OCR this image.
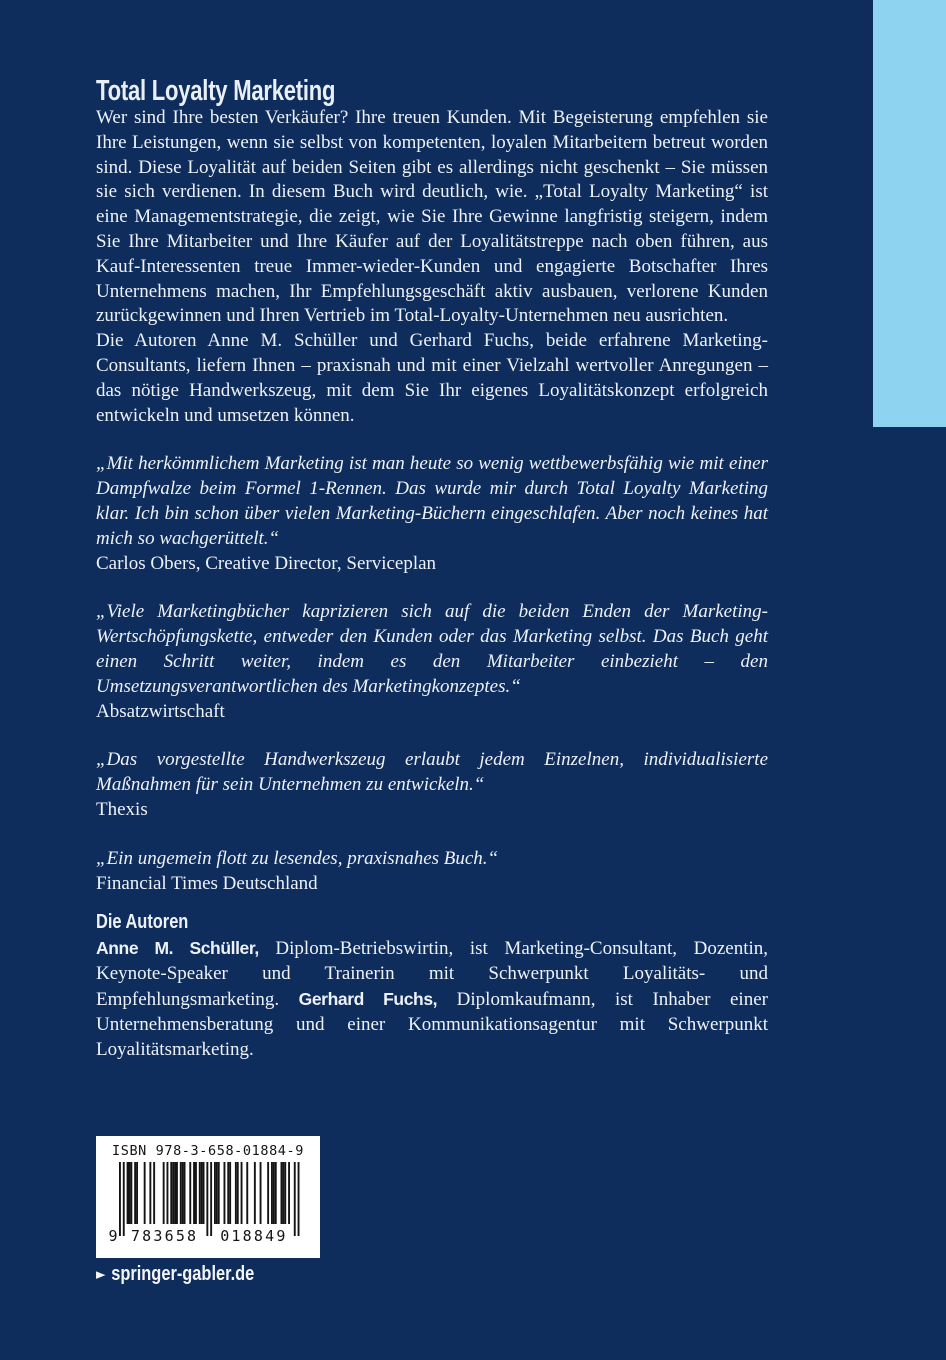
Total Loyalty Marketing

Wer sind Ihre besten Verkäufer? Ihre treuen Kunden. Mit Begeisterung empfehlen sie Ihre Leistungen, wenn sie selbst von kompetenten, loyalen Mitarbeitern betreut worden sind. Diese Loyalität auf beiden Seiten gibt es allerdings nicht geschenkt – Sie müssen sie sich verdienen. In diesem Buch wird deutlich, wie. „Total Loyalty Marketing“ ist eine Managementstrategie, die zeigt, wie Sie Ihre Gewinne langfristig steigern, indem Sie Ihre Mitarbeiter und Ihre Käufer auf der Loyalitätstreppe nach oben führen, aus Kauf-Interessenten treue Immer-wieder-Kunden und engagierte Botschafter Ihres Unternehmens machen, Ihr Empfehlungsgeschäft aktiv ausbauen, verlorene Kunden zurückgewinnen und Ihren Vertrieb im Total-Loyalty-Unternehmen neu ausrichten.

Die Autoren Anne M. Schüller und Gerhard Fuchs, beide erfahrene Marketing-Consultants, liefern Ihnen – praxisnah und mit einer Vielzahl wertvoller Anregungen – das nötige Handwerkszeug, mit dem Sie Ihr eigenes Loyalitätskonzept erfolgreich entwickeln und umsetzen können.

„Mit herkömmlichem Marketing ist man heute so wenig wettbewerbsfähig wie mit einer Dampfwalze beim Formel 1-Rennen. Das wurde mir durch Total Loyalty Marketing klar. Ich bin schon über vielen Marketing-Büchern eingeschlafen. Aber noch keines hat mich so wachgerüttelt.“

Carlos Obers, Creative Director, Serviceplan

„Viele Marketingbücher kaprizieren sich auf die beiden Enden der Marketing-Wertschöpfungskette, entweder den Kunden oder das Marketing selbst. Das Buch geht einen Schritt weiter, indem es den Mitarbeiter einbezieht – den Umsetzungsverantwortlichen des Marketingkonzeptes.“

Absatzwirtschaft

„Das vorgestellte Handwerkszeug erlaubt jedem Einzelnen, individualisierte Maßnahmen für sein Unternehmen zu entwickeln.“

Thexis

„Ein ungemein flott zu lesendes, praxisnahes Buch.“

Financial Times Deutschland

Die Autoren

Anne M. Schüller, Diplom-Betriebswirtin, ist Marketing-Consultant, Dozentin, Keynote-Speaker und Trainerin mit Schwerpunkt Loyalitäts- und Empfehlungsmarketing. Gerhard Fuchs, Diplomkaufmann, ist Inhaber einer Unternehmensberatung und einer Kommunikationsagentur mit Schwerpunkt Loyalitätsmarketing.

ISBN 978-3-658-01884-9
9 783658 018849
► springer-gabler.de
